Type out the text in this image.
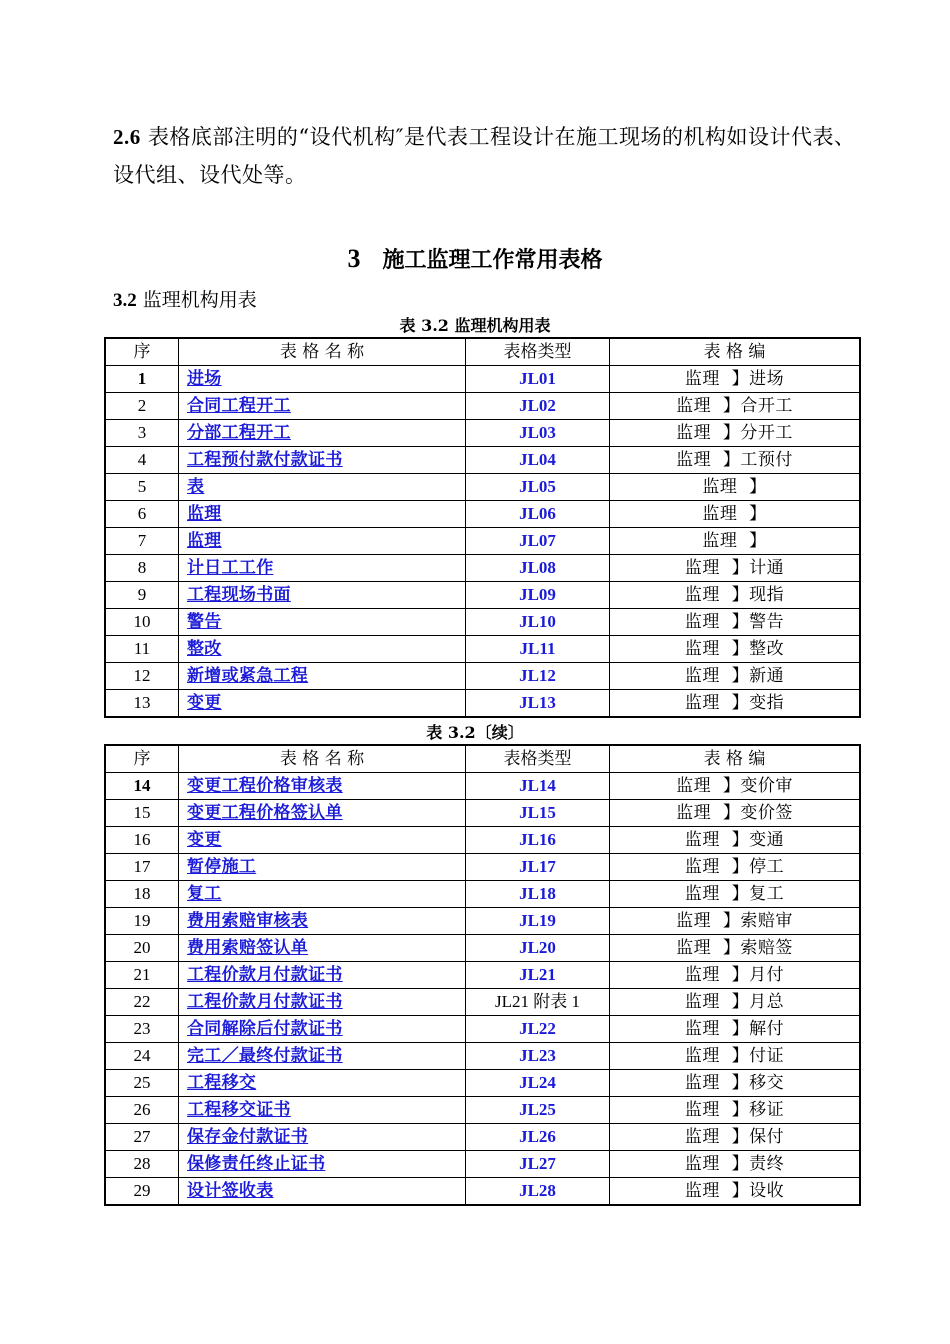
2.6 表格底部注明的“设代机构″是代表工程设计在施工现场的机构如设计代表、设代组、设代处等。
3 施工监理工作常用表格
3.2 监理机构用表
表 3.2 监理机构用表
序	表 格 名 称	表格类型	表 格 编
1	进场	JL01	监理  】进场
2	合同工程开工	JL02	监理  】合开工
3	分部工程开工	JL03	监理  】分开工
4	工程预付款付款证书	JL04	监理  】工预付
5	表	JL05	监理  】
6	监理	JL06	监理  】
7	监理	JL07	监理  】
8	计日工工作	JL08	监理  】计通
9	工程现场书面	JL09	监理  】现指
10	警告	JL10	监理  】警告
11	整改	JL11	监理  】整改
12	新增或紧急工程	JL12	监理  】新通
13	变更	JL13	监理  】变指
表 3.2〔续〕
序	表 格 名 称	表格类型	表 格 编
14	变更工程价格审核表	JL14	监理  】变价审
15	变更工程价格签认单	JL15	监理  】变价签
16	变更	JL16	监理  】变通
17	暂停施工	JL17	监理  】停工
18	复工	JL18	监理  】复工
19	费用索赔审核表	JL19	监理  】索赔审
20	费用索赔签认单	JL20	监理  】索赔签
21	工程价款月付款证书	JL21	监理  】月付
22	工程价款月付款证书	JL21 附表 1	监理  】月总
23	合同解除后付款证书	JL22	监理  】解付
24	完工／最终付款证书	JL23	监理  】付证
25	工程移交	JL24	监理  】移交
26	工程移交证书	JL25	监理  】移证
27	保存金付款证书	JL26	监理  】保付
28	保修责任终止证书	JL27	监理  】责终
29	设计签收表	JL28	监理  】设收
